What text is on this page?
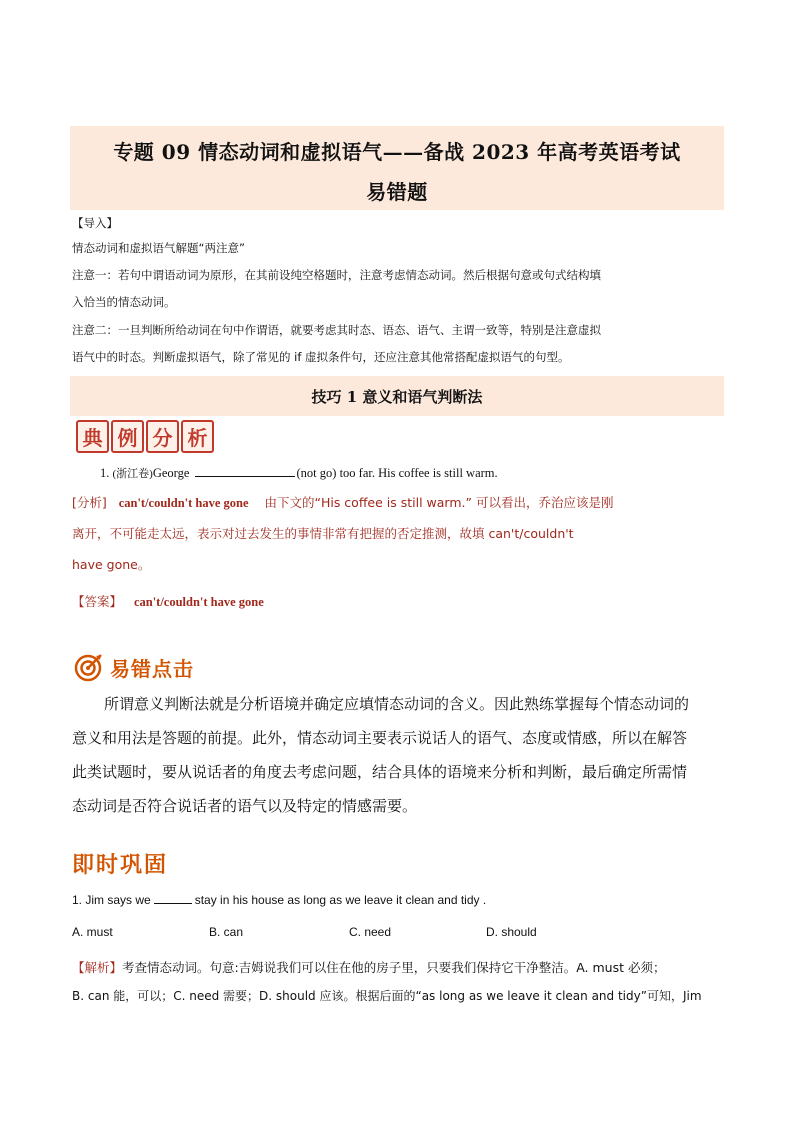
专题 09 情态动词和虚拟语气——备战 2023 年高考英语考试
易错题
【导入】
情态动词和虚拟语气解题“两注意”
注意一：若句中谓语动词为原形，在其前设纯空格题时，注意考虑情态动词。然后根据句意或句式结构填
入恰当的情态动词。
注意二：一旦判断所给动词在句中作谓语，就要考虑其时态、语态、语气、主谓一致等，特别是注意虚拟
语气中的时态。判断虚拟语气，除了常见的 if 虚拟条件句，还应注意其他常搭配虚拟语气的句型。
技巧 1 意义和语气判断法
典 例 分 析
1. (浙江卷)George	(not go) too far. His coffee is still warm.
[分析] can't/couldn't have gone 由下文的“His coffee is still warm.” 可以看出，乔治应该是刚
离开，不可能走太远，表示对过去发生的事情非常有把握的否定推测，故填 can't/couldn't
have gone。
【答案】 can't/couldn't have gone
易错点击
所谓意义判断法就是分析语境并确定应填情态动词的含义。因此熟练掌握每个情态动词的
意义和用法是答题的前提。此外，情态动词主要表示说话人的语气、态度或情感，所以在解答
此类试题时，要从说话者的角度去考虑问题，结合具体的语境来分析和判断，最后确定所需情
态动词是否符合说话者的语气以及特定的情感需要。
即时巩固
1. Jim says we	stay in his house as long as we leave it clean and tidy .
A. must	B. can	C. need	D. should
【解析】考查情态动词。句意:吉姆说我们可以住在他的房子里，只要我们保持它干净整洁。A. must 必须；
B. can 能，可以；C. need 需要；D. should 应该。根据后面的“as long as we leave it clean and tidy”可知，Jim
